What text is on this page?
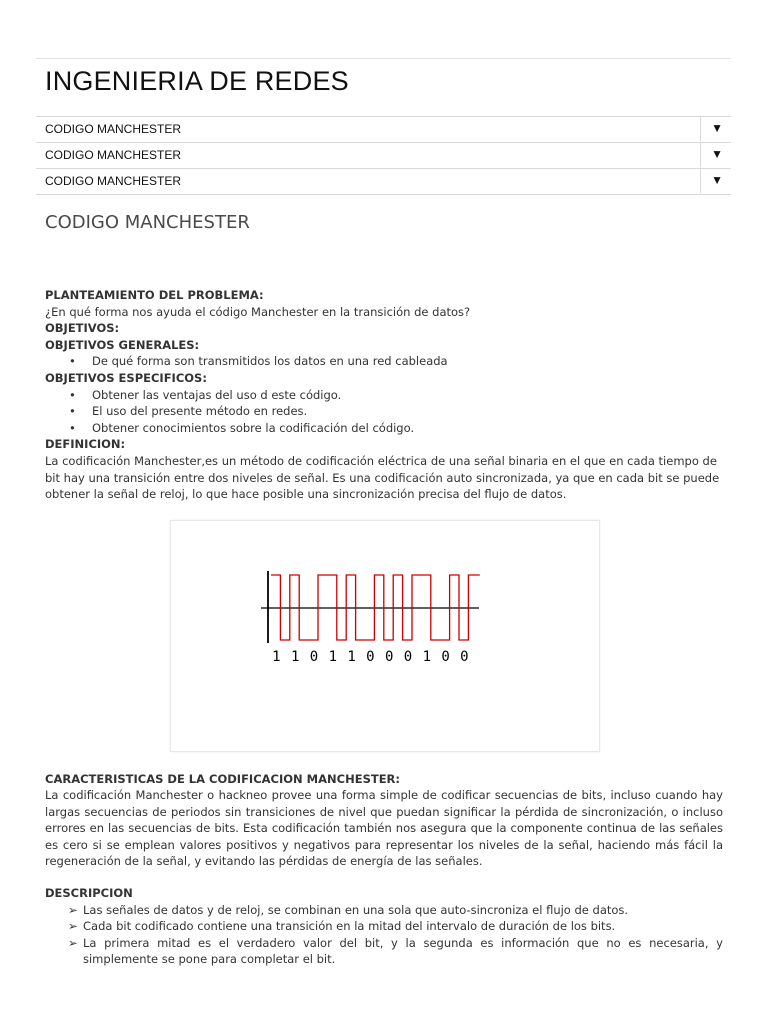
INGENIERIA DE REDES
CODIGO MANCHESTER	▼
CODIGO MANCHESTER	▼
CODIGO MANCHESTER	▼
CODIGO MANCHESTER

PLANTEAMIENTO DEL PROBLEMA:

¿En qué forma nos ayuda el código Manchester en la transición de datos?

OBJETIVOS:

OBJETIVOS GENERALES:

• De qué forma son transmitidos los datos en una red cableada

OBJETIVOS ESPECIFICOS:

• Obtener las ventajas del uso d este código.
• El uso del presente método en redes.
• Obtener conocimientos sobre la codificación del código.

DEFINICION:

La codificación Manchester,es un método de codificación eléctrica de una señal binaria en el que en cada tiempo de bit hay una transición entre dos niveles de señal. Es una codificación auto sincronizada, ya que en cada bit se puede obtener la señal de reloj, lo que hace posible una sincronización precisa del flujo de datos.

1 1 0 1 1 0 0 0 1 0 0

CARACTERISTICAS DE LA CODIFICACION MANCHESTER:

La codificación Manchester o hackneo provee una forma simple de codificar secuencias de bits, incluso cuando hay largas secuencias de periodos sin transiciones de nivel que puedan significar la pérdida de sincronización, o incluso errores en las secuencias de bits. Esta codificación también nos asegura que la componente continua de las señales es cero si se emplean valores positivos y negativos para representar los niveles de la señal, haciendo más fácil la regeneración de la señal, y evitando las pérdidas de energía de las señales.

DESCRIPCION

➢ Las señales de datos y de reloj, se combinan en una sola que auto-sincroniza el flujo de datos.
➢ Cada bit codificado contiene una transición en la mitad del intervalo de duración de los bits.
➢ La primera mitad es el verdadero valor del bit, y la segunda es información que no es necesaria, y simplemente se pone para completar el bit.
